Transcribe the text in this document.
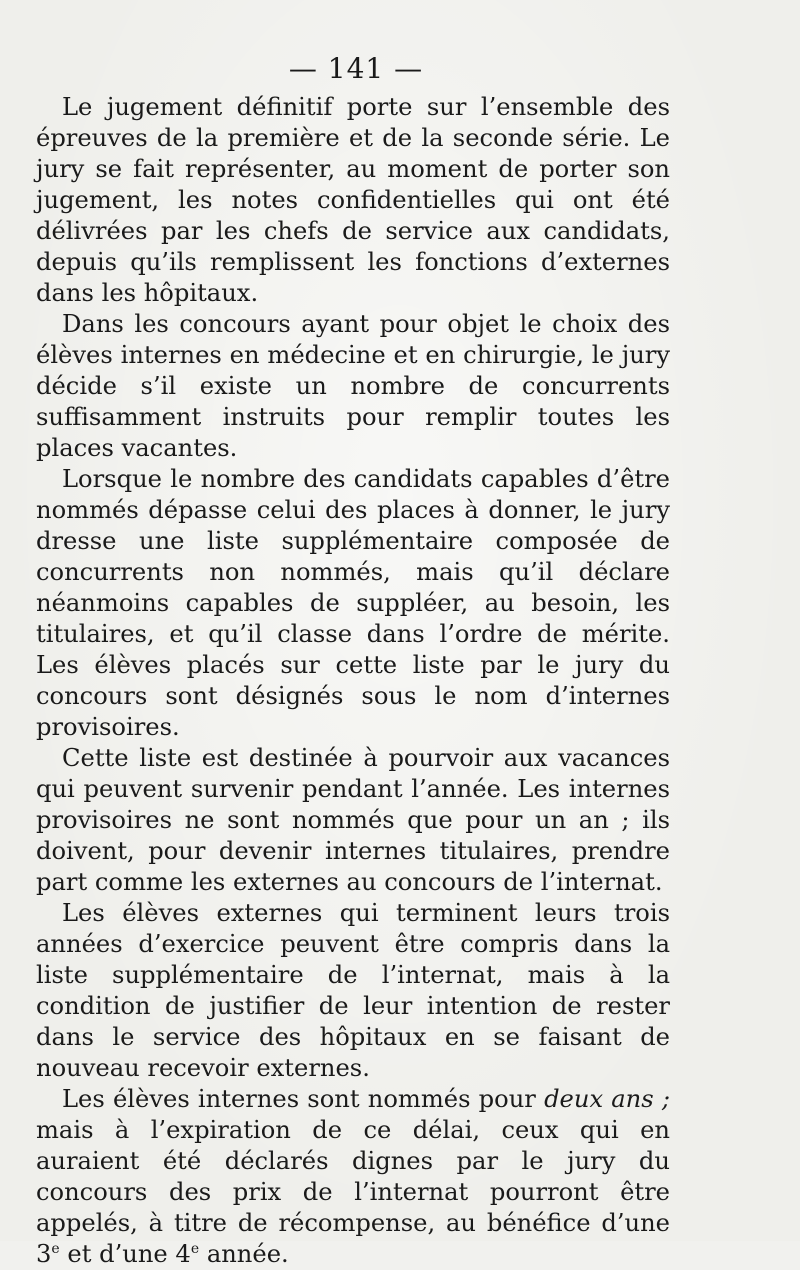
— 141 —

Le jugement définitif porte sur l’ensemble des épreuves de la première et de la seconde série. Le jury se fait représenter, au moment de porter son jugement, les notes confidentielles qui ont été délivrées par les chefs de service aux candidats, depuis qu’ils remplissent les fonctions d’externes dans les hôpitaux.

Dans les concours ayant pour objet le choix des élèves internes en médecine et en chirurgie, le jury décide s’il existe un nombre de concurrents suffisamment instruits pour remplir toutes les places vacantes.

Lorsque le nombre des candidats capables d’être nommés dépasse celui des places à donner, le jury dresse une liste supplémentaire composée de concurrents non nommés, mais qu’il déclare néanmoins capables de suppléer, au besoin, les titulaires, et qu’il classe dans l’ordre de mérite. Les élèves placés sur cette liste par le jury du concours sont désignés sous le nom d’internes provisoires.

Cette liste est destinée à pourvoir aux vacances qui peuvent survenir pendant l’année. Les internes provisoires ne sont nommés que pour un an ; ils doivent, pour devenir internes titulaires, prendre part comme les externes au concours de l’internat.

Les élèves externes qui terminent leurs trois années d’exercice peuvent être compris dans la liste supplémentaire de l’internat, mais à la condition de justifier de leur intention de rester dans le service des hôpitaux en se faisant de nouveau recevoir externes.

Les élèves internes sont nommés pour deux ans ; mais à l’expiration de ce délai, ceux qui en auraient été déclarés dignes par le jury du concours des prix de l’internat pourront être appelés, à titre de récompense, au bénéfice d’une 3e et d’une 4e année.
